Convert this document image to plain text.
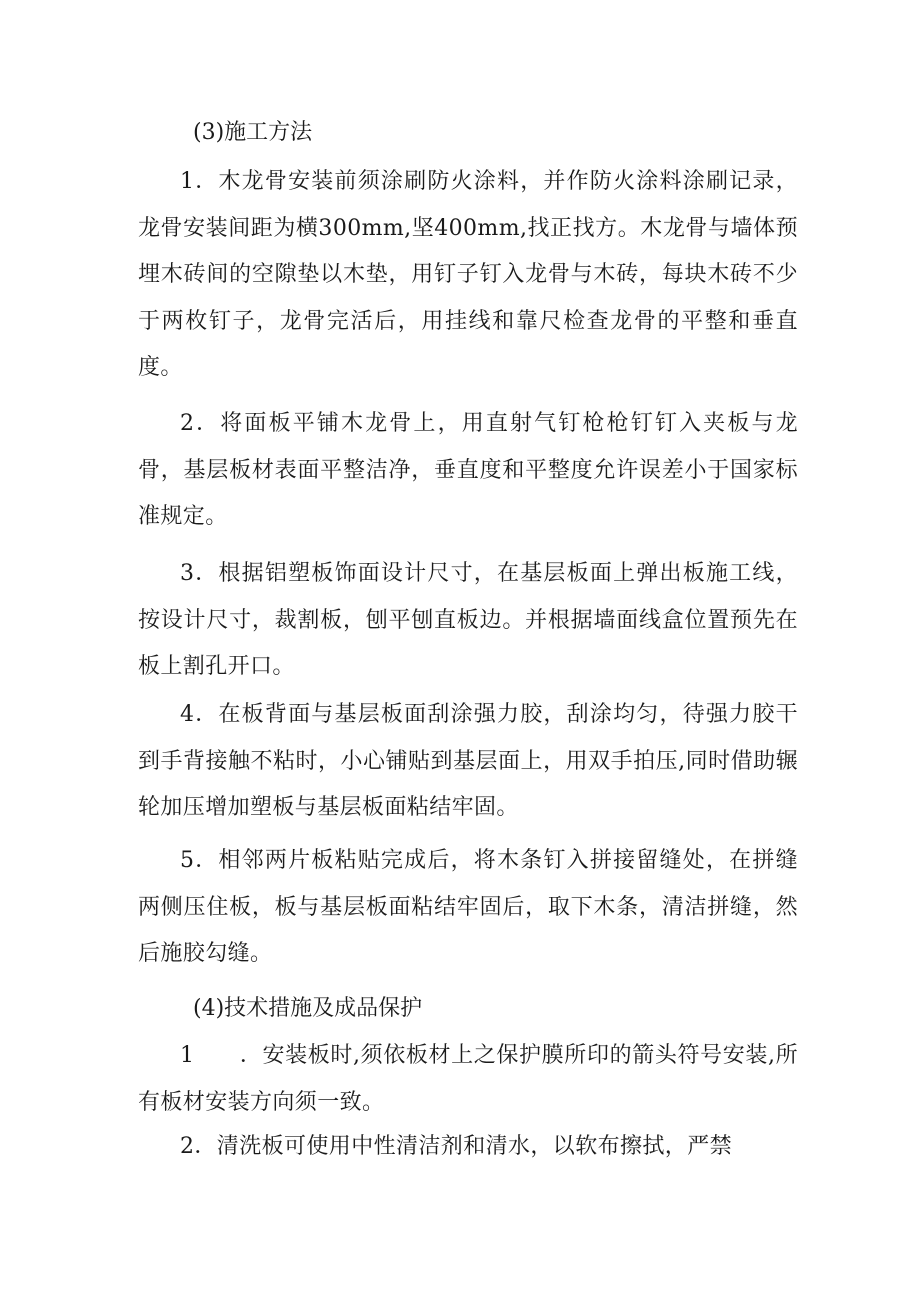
(3)施工方法
1．木龙骨安装前须涂刷防火涂料，并作防火涂料涂刷记录，龙骨安装间距为横300mm,坚400mm,找正找方。木龙骨与墙体预埋木砖间的空隙垫以木垫，用钉子钉入龙骨与木砖，每块木砖不少于两枚钉子，龙骨完活后，用挂线和靠尺检查龙骨的平整和垂直度。
2．将面板平铺木龙骨上，用直射气钉枪枪钉钉入夹板与龙骨，基层板材表面平整洁净，垂直度和平整度允许误差小于国家标准规定。
3．根据铝塑板饰面设计尺寸，在基层板面上弹出板施工线，按设计尺寸，裁割板，刨平刨直板边。并根据墙面线盒位置预先在板上割孔开口。
4．在板背面与基层板面刮涂强力胶，刮涂均匀，待强力胶干到手背接触不粘时，小心铺贴到基层面上，用双手拍压,同时借助辗轮加压增加塑板与基层板面粘结牢固。
5．相邻两片板粘贴完成后，将木条钉入拼接留缝处，在拼缝两侧压住板，板与基层板面粘结牢固后，取下木条，清洁拼缝，然后施胶勾缝。
(4)技术措施及成品保护
1　　．安装板时,须依板材上之保护膜所印的箭头符号安装,所有板材安装方向须一致。
2．清洗板可使用中性清洁剂和清水，以软布擦拭，严禁
